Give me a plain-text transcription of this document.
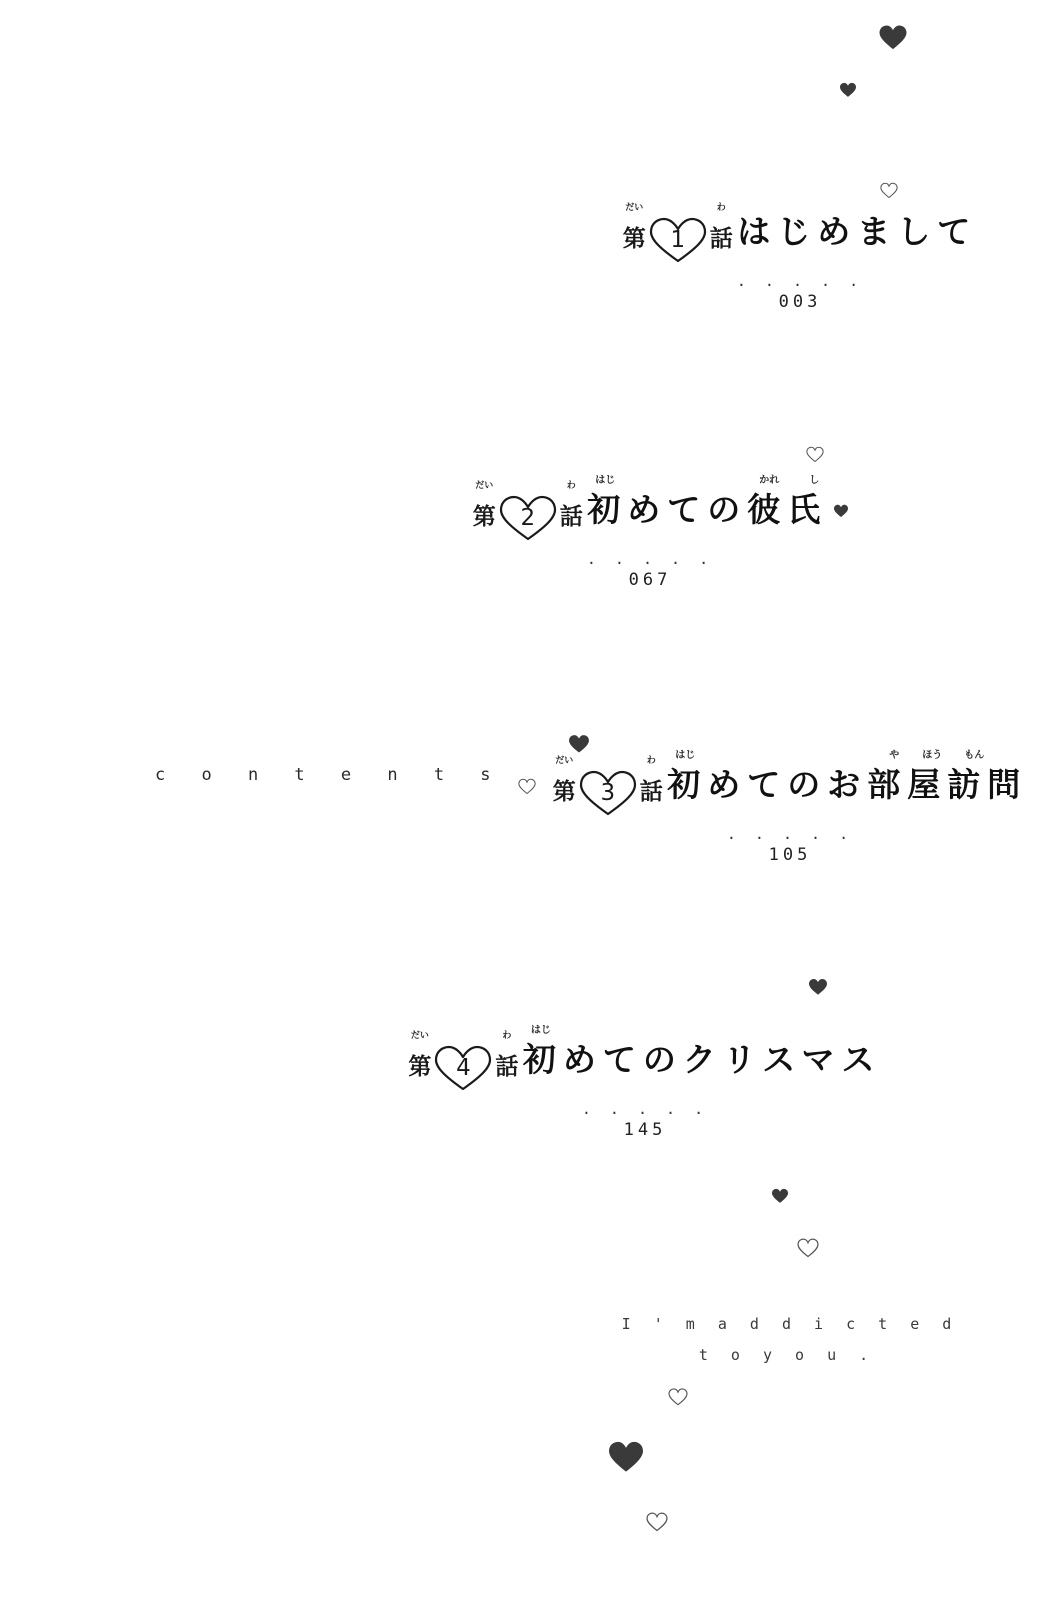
c o n t e n t s
だい
第	1
わ
話 はじめまして
. . . . .
003
だい
第	2
わ
話
はじ	かれ	し
初めての彼氏
. . . . .
067
だい
第	3
わ
話
はじ	や ほう もん
初めてのお部屋訪問
. . . . .
105
だい
第	4
わ
話
はじ
初めてのクリスマス
. . . . .
145
I ' m a d d i c t e d
t o y o u .
